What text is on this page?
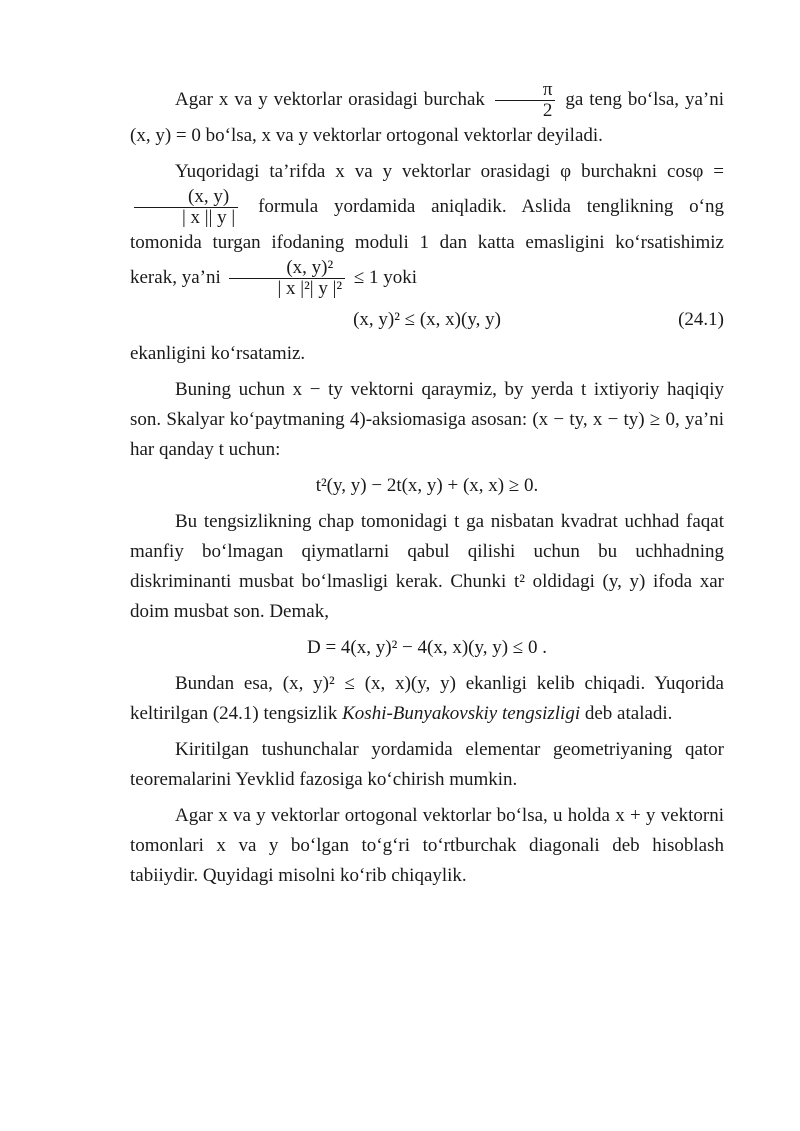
Agar x va y vektorlar orasidagi burchak $\frac{\pi}{2}$ ga teng bo‘lsa, ya’ni (x, y) = 0 bo‘lsa, x va y vektorlar ortogonal vektorlar deyiladi.

Yuqoridagi ta’rifda x va y vektorlar orasidagi φ burchakni cosφ =
$\frac{(x, y)}{| x || y |}$ formula yordamida aniqladik. Aslida tenglikning o‘ng tomonida turgan ifodaning moduli 1 dan katta emasligini ko‘rsatishimiz kerak, ya’ni $\frac{\text{(x, y)²}}{\text{| x |²| y |²}} \le 1$ yoki

(x, y)² ≤ (x, x)(y, y)	(24.1)

ekanligini ko‘rsatamiz.

Buning uchun x − ty vektorni qaraymiz, by yerda t ixtiyoriy haqiqiy son. Skalyar ko‘paytmaning 4)-aksiomasiga asosan: (x − ty, x − ty) ≥ 0, ya’ni har qanday t uchun:

t²(y, y) − 2t(x, y) + (x, x) ≥ 0.

Bu tengsizlikning chap tomonidagi t ga nisbatan kvadrat uchhad faqat manfiy bo‘lmagan qiymatlarni qabul qilishi uchun bu uchhadning diskriminanti musbat bo‘lmasligi kerak. Chunki t² oldidagi (y, y) ifoda xar doim musbat son. Demak,

D = 4(x, y)² − 4(x, x)(y, y) ≤ 0 .

Bundan esa, (x, y)² ≤ (x, x)(y, y) ekanligi kelib chiqadi. Yuqorida keltirilgan (24.1) tengsizlik Koshi-Bunyakovskiy tengsizligi deb ataladi.

Kiritilgan tushunchalar yordamida elementar geometriyaning qator teoremalarini Yevklid fazosiga ko‘chirish mumkin.

Agar x va y vektorlar ortogonal vektorlar bo‘lsa, u holda x + y vektorni tomonlari x va y bo‘lgan to‘g‘ri to‘rtburchak diagonali deb hisoblash tabiiydir. Quyidagi misolni ko‘rib chiqaylik.
